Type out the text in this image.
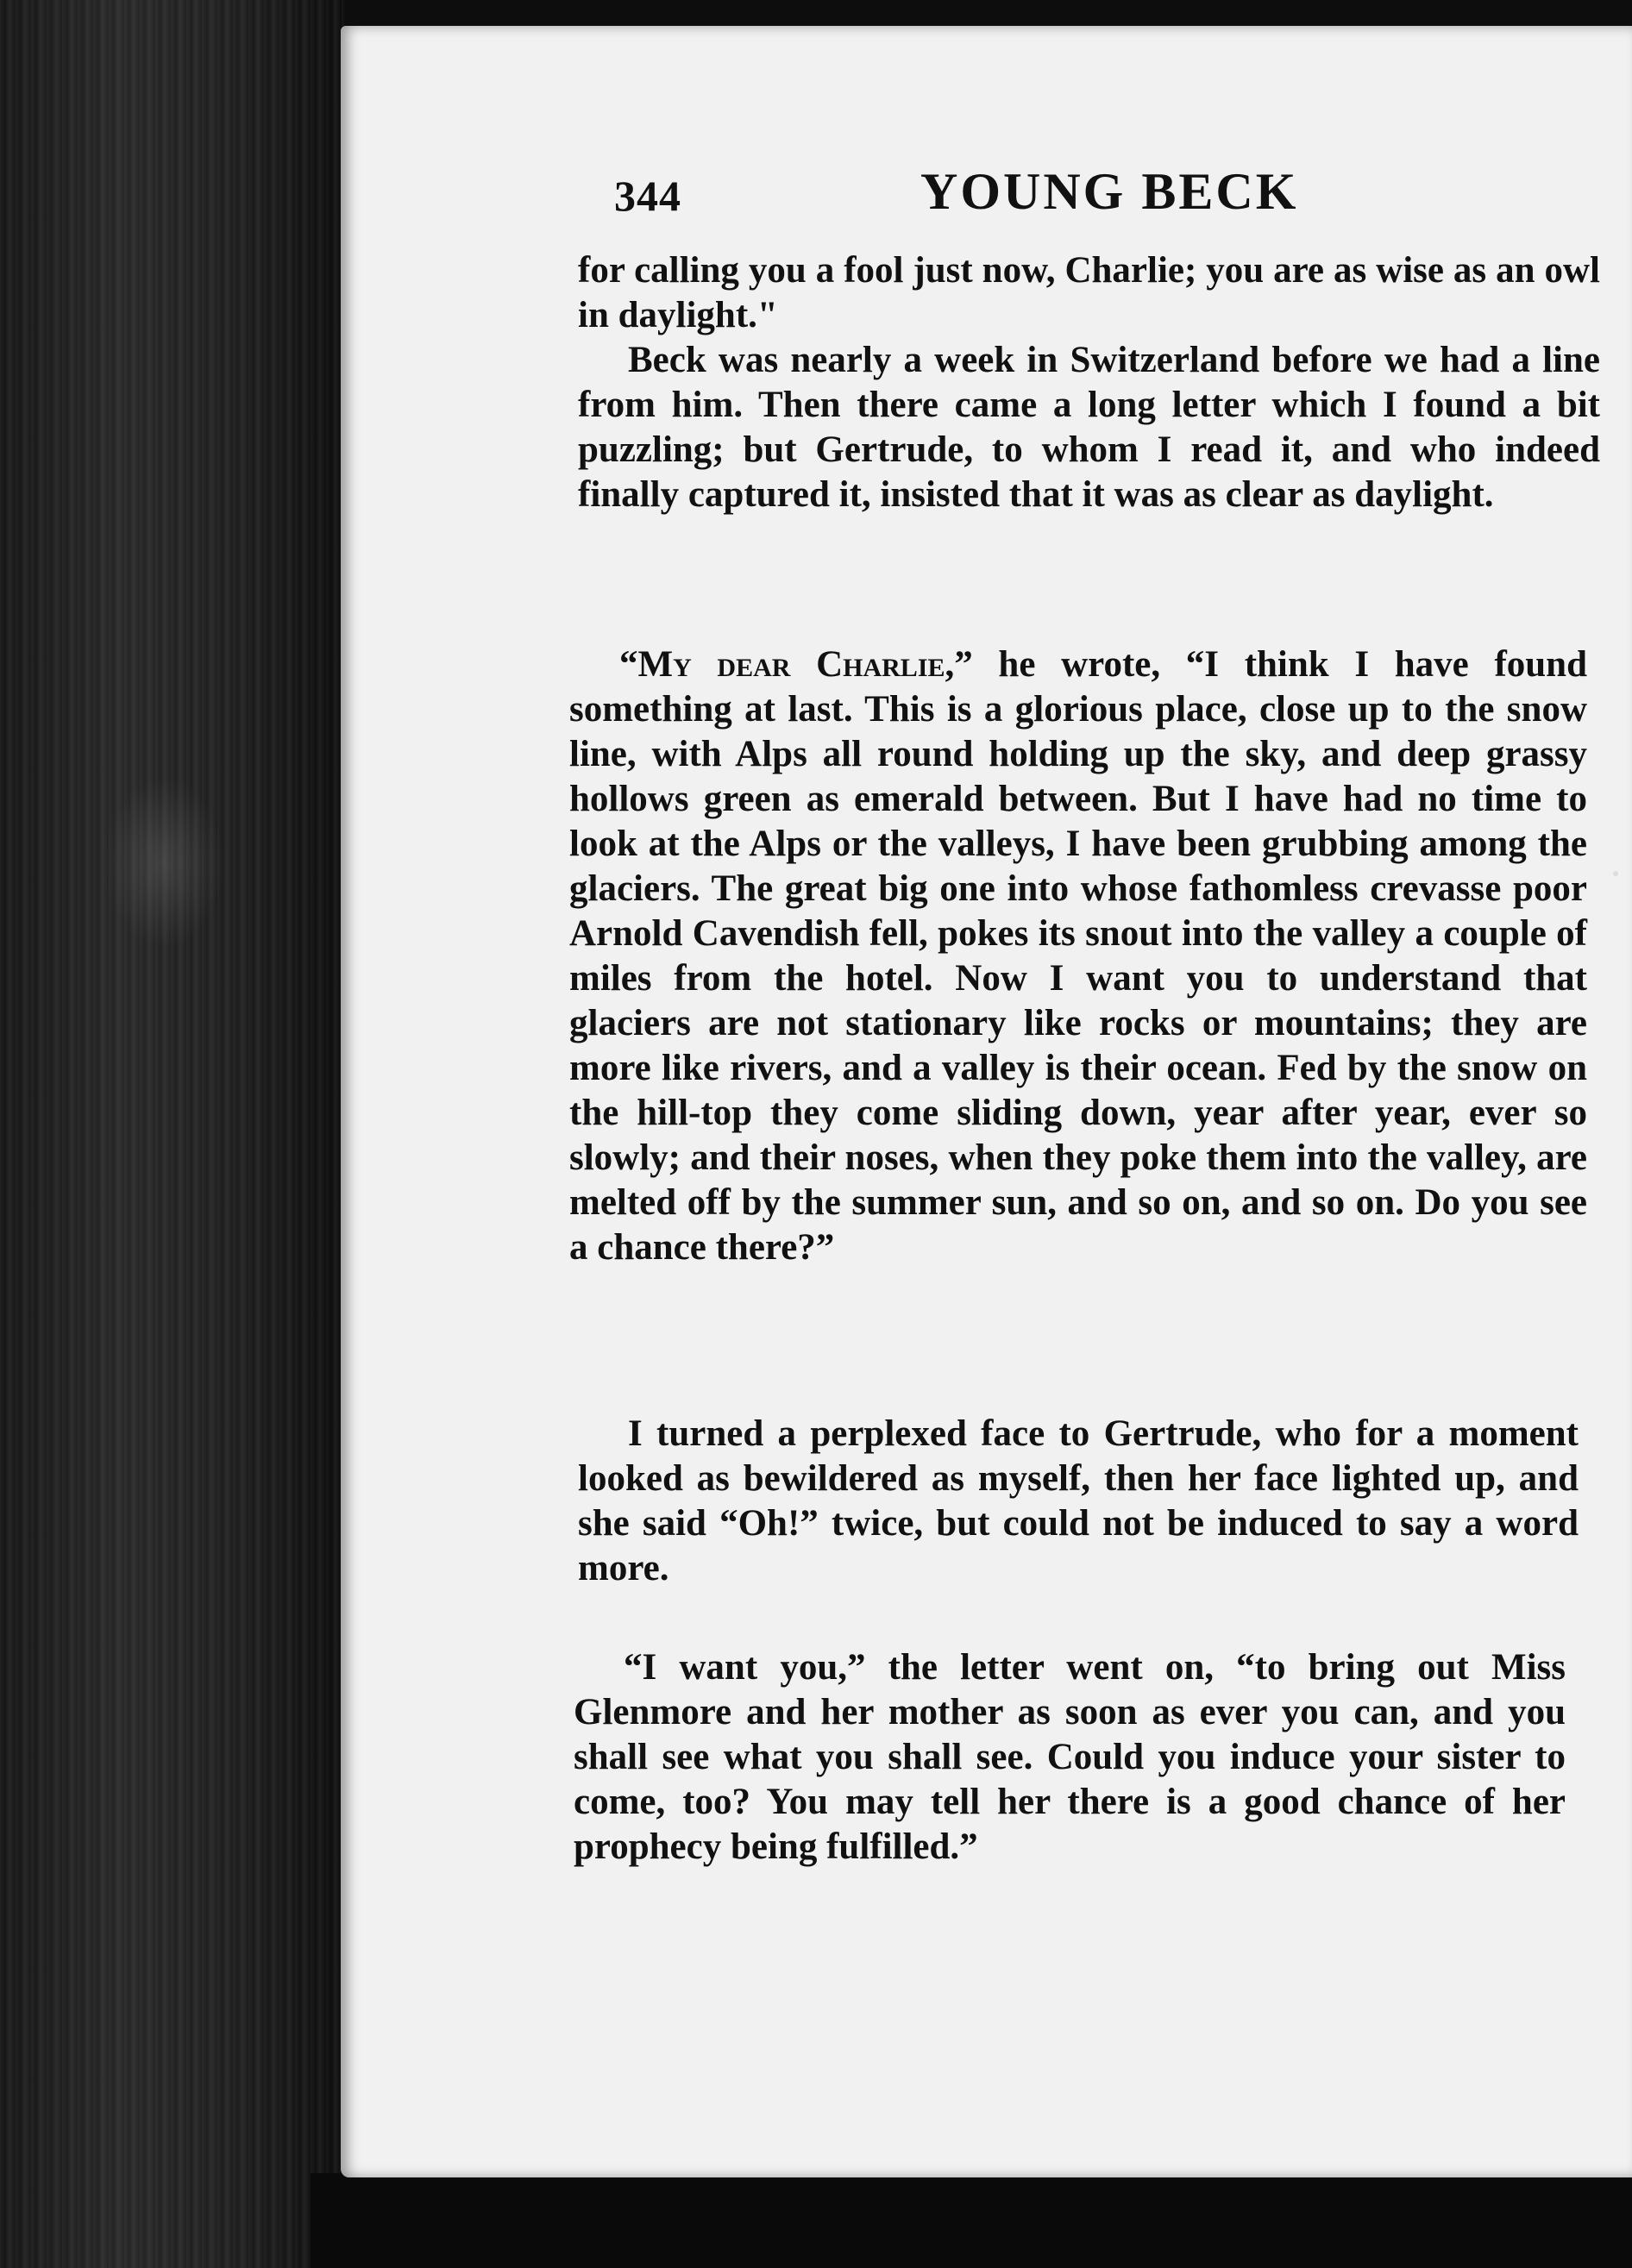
344	YOUNG BECK

for calling you a fool just now, Charlie; you are as wise as an owl in daylight."

Beck was nearly a week in Switzerland before we had a line from him. Then there came a long letter which I found a bit puzzling; but Gertrude, to whom I read it, and who indeed finally captured it, insisted that it was as clear as daylight.

“My dear Charlie,” he wrote, “I think I have found something at last. This is a glorious place, close up to the snow line, with Alps all round holding up the sky, and deep grassy hollows green as emerald between. But I have had no time to look at the Alps or the valleys, I have been grubbing among the glaciers. The great big one into whose fathomless crevasse poor Arnold Cavendish fell, pokes its snout into the valley a couple of miles from the hotel. Now I want you to understand that glaciers are not stationary like rocks or mountains; they are more like rivers, and a valley is their ocean. Fed by the snow on the hill-top they come sliding down, year after year, ever so slowly; and their noses, when they poke them into the valley, are melted off by the summer sun, and so on, and so on. Do you see a chance there?”

I turned a perplexed face to Gertrude, who for a moment looked as bewildered as myself, then her face lighted up, and she said “Oh!” twice, but could not be induced to say a word more.

“I want you,” the letter went on, “to bring out Miss Glenmore and her mother as soon as ever you can, and you shall see what you shall see. Could you induce your sister to come, too? You may tell her there is a good chance of her prophecy being fulfilled.”
